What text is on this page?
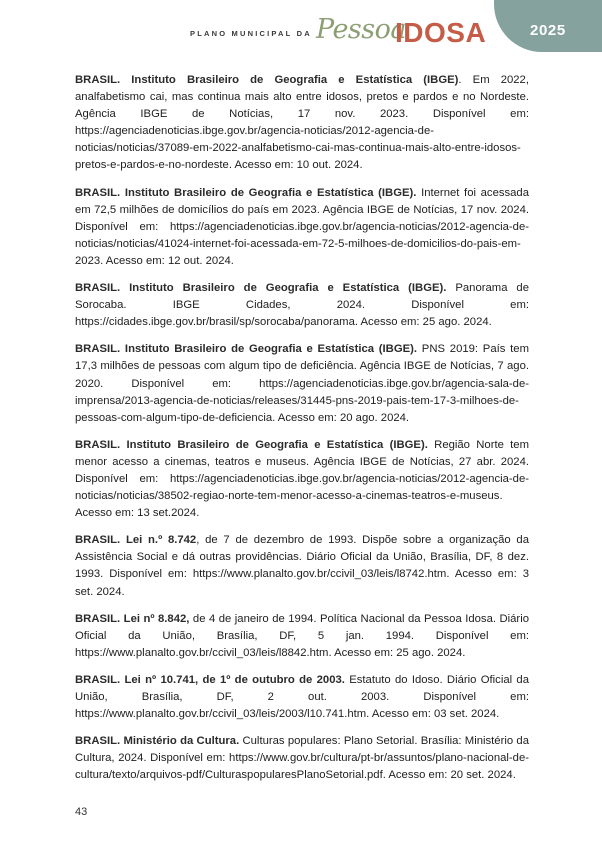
PLANO MUNICIPAL DA Pessoa
IDOSA	2025

BRASIL. Instituto Brasileiro de Geografia e Estatística (IBGE). Em 2022, analfabetismo cai, mas continua mais alto entre idosos, pretos e pardos e no Nordeste. Agência IBGE de Notícias, 17 nov. 2023. Disponível em: https://agenciadenoticias.ibge.gov.br/agencia-noticias/2012-agencia-de-noticias/noticias/37089-em-2022-analfabetismo-cai-mas-continua-mais-alto-entre-idosos-pretos-e-pardos-e-no-nordeste. Acesso em: 10 out. 2024.

BRASIL. Instituto Brasileiro de Geografia e Estatística (IBGE). Internet foi acessada em 72,5 milhões de domicílios do país em 2023. Agência IBGE de Notícias, 17 nov. 2024. Disponível em: https://agenciadenoticias.ibge.gov.br/agencia-noticias/2012-agencia-de-noticias/noticias/41024-internet-foi-acessada-em-72-5-milhoes-de-domicilios-do-pais-em-2023. Acesso em: 12 out. 2024.

BRASIL. Instituto Brasileiro de Geografia e Estatística (IBGE). Panorama de Sorocaba. IBGE Cidades, 2024. Disponível em: https://cidades.ibge.gov.br/brasil/sp/sorocaba/panorama. Acesso em: 25 ago. 2024.

BRASIL. Instituto Brasileiro de Geografia e Estatística (IBGE). PNS 2019: País tem 17,3 milhões de pessoas com algum tipo de deficiência. Agência IBGE de Notícias, 7 ago. 2020. Disponível em: https://agenciadenoticias.ibge.gov.br/agencia-sala-de-imprensa/2013-agencia-de-noticias/releases/31445-pns-2019-pais-tem-17-3-milhoes-de-pessoas-com-algum-tipo-de-deficiencia. Acesso em: 20 ago. 2024.

BRASIL. Instituto Brasileiro de Geografia e Estatística (IBGE). Região Norte tem menor acesso a cinemas, teatros e museus. Agência IBGE de Notícias, 27 abr. 2024. Disponível em: https://agenciadenoticias.ibge.gov.br/agencia-noticias/2012-agencia-de-noticias/noticias/38502-regiao-norte-tem-menor-acesso-a-cinemas-teatros-e-museus. Acesso em: 13 set.2024.

BRASIL. Lei n.º 8.742, de 7 de dezembro de 1993. Dispõe sobre a organização da Assistência Social e dá outras providências. Diário Oficial da União, Brasília, DF, 8 dez. 1993. Disponível em: https://www.planalto.gov.br/ccivil_03/leis/l8742.htm. Acesso em: 3 set. 2024.

BRASIL. Lei nº 8.842, de 4 de janeiro de 1994. Política Nacional da Pessoa Idosa. Diário Oficial da União, Brasília, DF, 5 jan. 1994. Disponível em: https://www.planalto.gov.br/ccivil_03/leis/l8842.htm. Acesso em: 25 ago. 2024.

BRASIL. Lei nº 10.741, de 1º de outubro de 2003. Estatuto do Idoso. Diário Oficial da União, Brasília, DF, 2 out. 2003. Disponível em: https://www.planalto.gov.br/ccivil_03/leis/2003/l10.741.htm. Acesso em: 03 set. 2024.

BRASIL. Ministério da Cultura. Culturas populares: Plano Setorial. Brasília: Ministério da Cultura, 2024. Disponível em: https://www.gov.br/cultura/pt-br/assuntos/plano-nacional-de-cultura/texto/arquivos-pdf/CulturaspopularesPlanoSetorial.pdf. Acesso em: 20 set. 2024.

43
